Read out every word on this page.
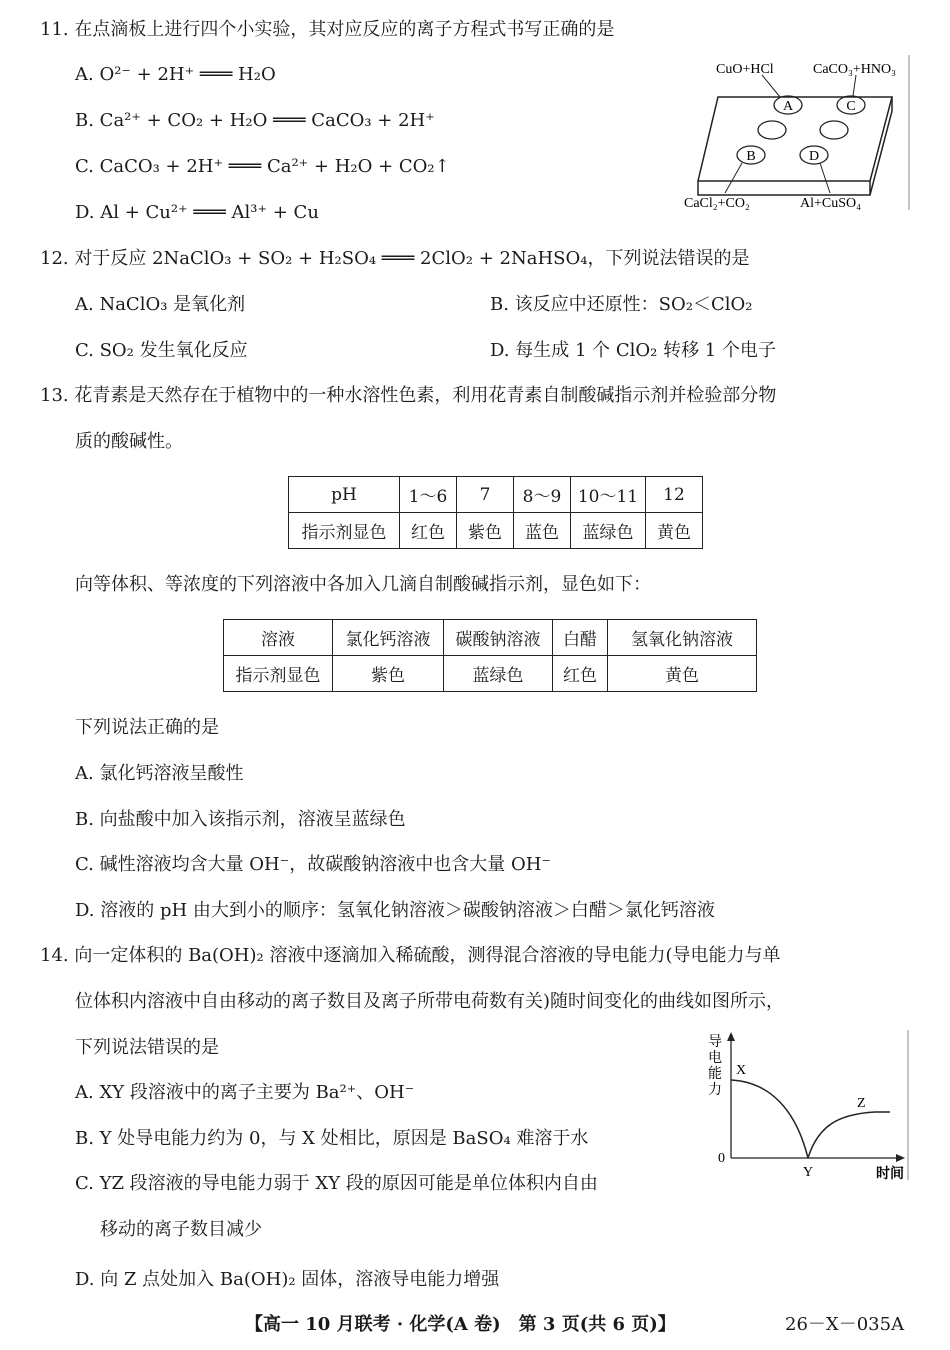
11. 在点滴板上进行四个小实验，其对应反应的离子方程式书写正确的是
A. O²⁻ + 2H⁺ ═══ H₂O
B. Ca²⁺ + CO₂ + H₂O ═══ CaCO₃ + 2H⁺
C. CaCO₃ + 2H⁺ ═══ Ca²⁺ + H₂O + CO₂↑
D. Al + Cu²⁺ ═══ Al³⁺ + Cu
A	C
B	D
CuO+HCl	CaCO₃+HNO₃
CaCl₂+CO₂	Al+CuSO₄
12. 对于反应 2NaClO₃ + SO₂ + H₂SO₄ ═══ 2ClO₂ + 2NaHSO₄，下列说法错误的是
A. NaClO₃ 是氧化剂	B. 该反应中还原性：SO₂＜ClO₂
C. SO₂ 发生氧化反应	D. 每生成 1 个 ClO₂ 转移 1 个电子
13. 花青素是天然存在于植物中的一种水溶性色素，利用花青素自制酸碱指示剂并检验部分物
质的酸碱性。
pH	1～6	7	8～9	10～11	12
指示剂显色	红色	紫色	蓝色	蓝绿色	黄色
向等体积、等浓度的下列溶液中各加入几滴自制酸碱指示剂，显色如下：
溶液	氯化钙溶液	碳酸钠溶液	白醋	氢氧化钠溶液
指示剂显色	紫色	蓝绿色	红色	黄色
下列说法正确的是
A. 氯化钙溶液呈酸性
B. 向盐酸中加入该指示剂，溶液呈蓝绿色
C. 碱性溶液均含大量 OH⁻，故碳酸钠溶液中也含大量 OH⁻
D. 溶液的 pH 由大到小的顺序：氢氧化钠溶液＞碳酸钠溶液＞白醋＞氯化钙溶液
14. 向一定体积的 Ba(OH)₂ 溶液中逐滴加入稀硫酸，测得混合溶液的导电能力(导电能力与单
位体积内溶液中自由移动的离子数目及离子所带电荷数有关)随时间变化的曲线如图所示，
下列说法错误的是
A. XY 段溶液中的离子主要为 Ba²⁺、OH⁻
B. Y 处导电能力约为 0，与 X 处相比，原因是 BaSO₄ 难溶于水
C. YZ 段溶液的导电能力弱于 XY 段的原因可能是单位体积内自由
移动的离子数目减少
D. 向 Z 点处加入 Ba(OH)₂ 固体，溶液导电能力增强
导
电
能
力
0
X
Y
Z
时间
【高一 10 月联考 · 化学(A 卷)　第 3 页(共 6 页)】	26－X－035A
